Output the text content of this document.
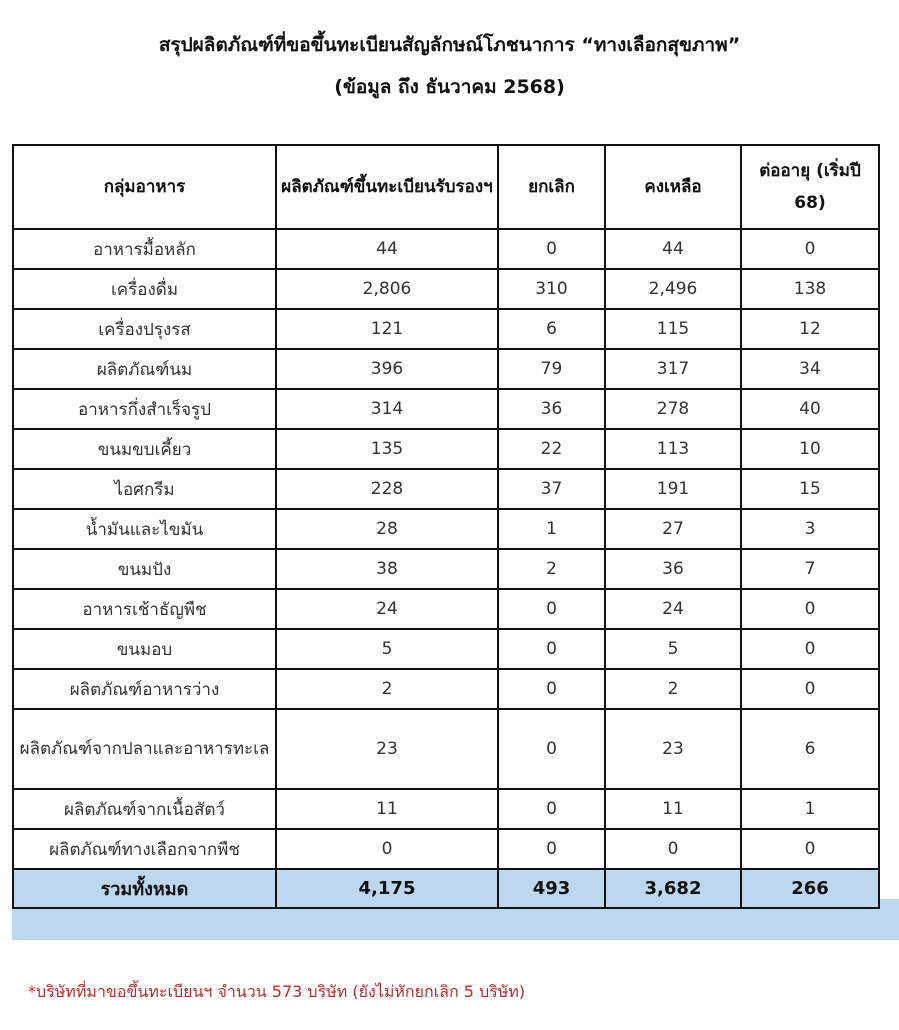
สรุปผลิตภัณฑ์ที่ขอขึ้นทะเบียนสัญลักษณ์โภชนาการ “ทางเลือกสุขภาพ”
(ข้อมูล ถึง ธันวาคม 2568)
กลุ่มอาหาร	ผลิตภัณฑ์ขึ้นทะเบียนรับรองฯ	ยกเลิก	คงเหลือ	ต่ออายุ (เริ่มปี 68)
อาหารมื้อหลัก	44	0	44	0
เครื่องดื่ม	2,806	310	2,496	138
เครื่องปรุงรส	121	6	115	12
ผลิตภัณฑ์นม	396	79	317	34
อาหารกึ่งสำเร็จรูป	314	36	278	40
ขนมขบเคี้ยว	135	22	113	10
ไอศกรีม	228	37	191	15
น้ำมันและไขมัน	28	1	27	3
ขนมปัง	38	2	36	7
อาหารเช้าธัญพืช	24	0	24	0
ขนมอบ	5	0	5	0
ผลิตภัณฑ์อาหารว่าง	2	0	2	0
ผลิตภัณฑ์จากปลาและอาหารทะเล	23	0	23	6
ผลิตภัณฑ์จากเนื้อสัตว์	11	0	11	1
ผลิตภัณฑ์ทางเลือกจากพืช	0	0	0	0
รวมทั้งหมด	4,175	493	3,682	266
*บริษัทที่มาขอขึ้นทะเบียนฯ จำนวน 573 บริษัท (ยังไม่หักยกเลิก 5 บริษัท)
